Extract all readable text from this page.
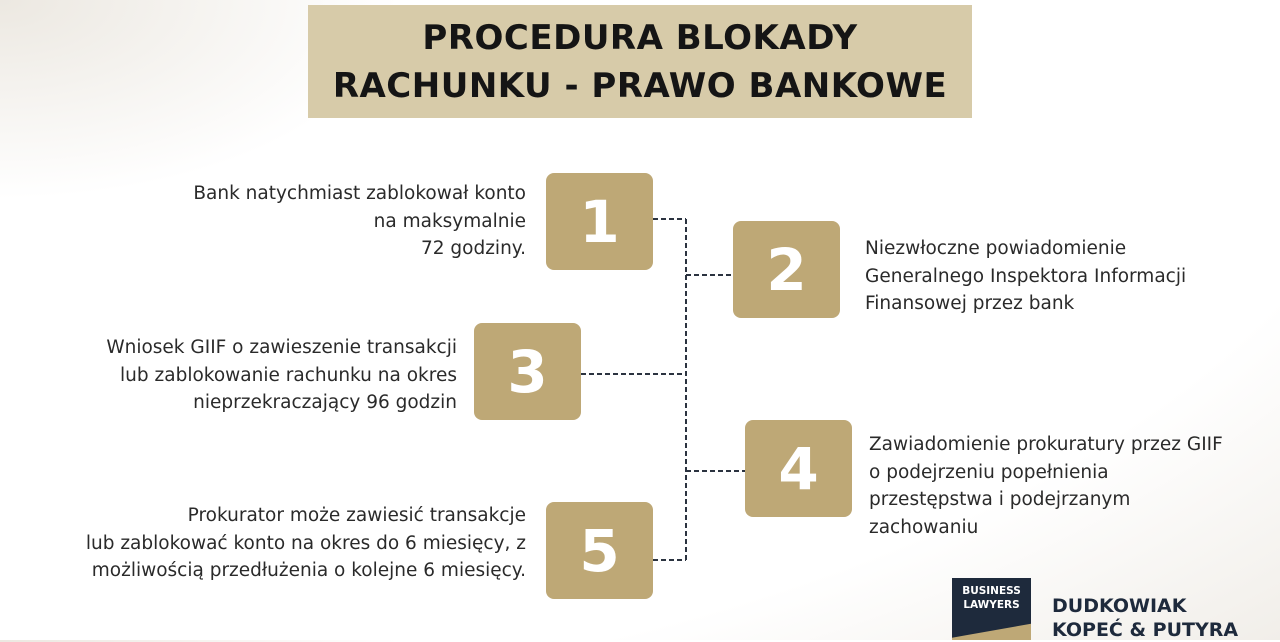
PROCEDURA BLOKADY
RACHUNKU - PRAWO BANKOWE
1
Bank natychmiast zablokował konto
na maksymalnie
72 godziny.	2	Niezwłoczne powiadomienie
Generalnego Inspektora Informacji
Finansowej przez bank
3
Wniosek GIIF o zawieszenie transakcji
lub zablokowanie rachunku na okres
nieprzekraczający 96 godzin
4	Zawiadomienie prokuratury przez GIIF
o podejrzeniu popełnienia
przestępstwa i podejrzanym
zachowaniu
5
Prokurator może zawiesić transakcje
lub zablokować konto na okres do 6 miesięcy, z
możliwością przedłużenia o kolejne 6 miesięcy.
BUSINESS
LAWYERS	DUDKOWIAK
KOPEĆ & PUTYRA
